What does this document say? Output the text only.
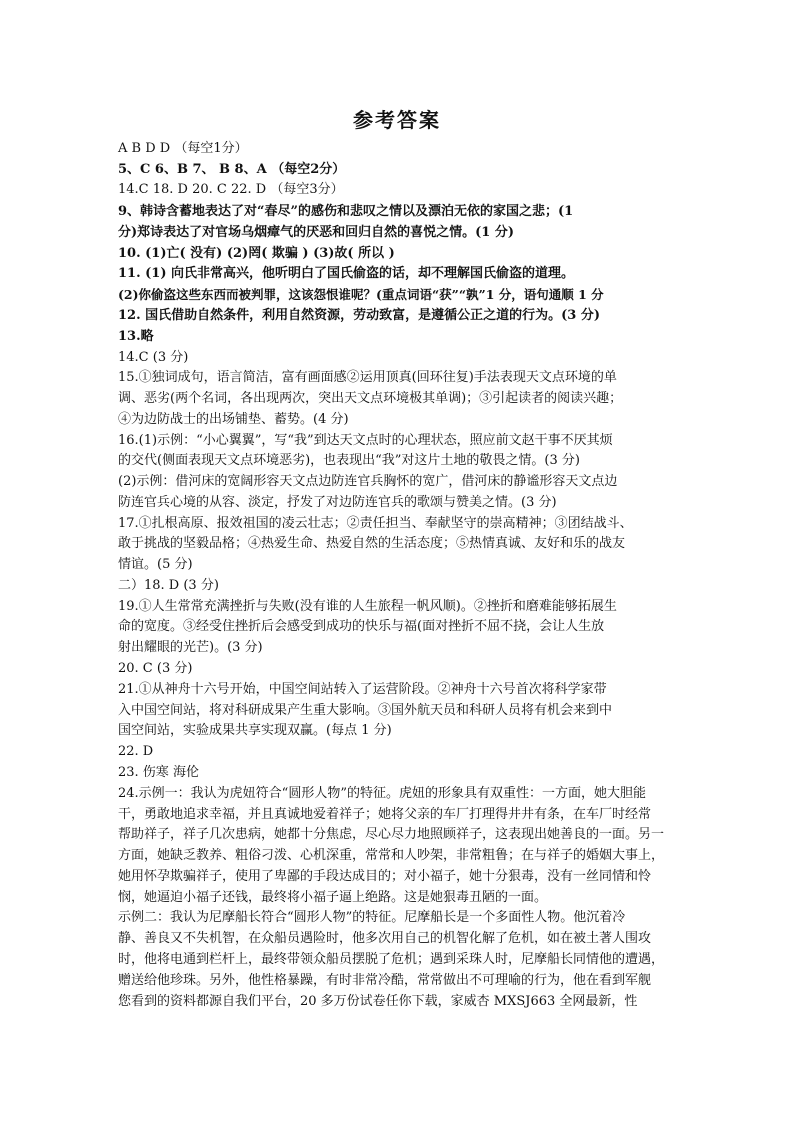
参考答案
A B D D （每空1分）
5、C 6、B 7、 B 8、A （每空2分）
14.C 18. D 20. C 22. D （每空3分）
9、韩诗含蓄地表达了对“春尽”的感伤和悲叹之情以及漂泊无依的家国之悲；(1
分)郑诗表达了对官场乌烟瘴气的厌恶和回归自然的喜悦之情。(1 分)
10. (1)亡( 没有) (2)罔( 欺骗 ) (3)故( 所以 )
11. (1) 向氏非常高兴，他听明白了国氏偷盗的话，却不理解国氏偷盗的道理。
(2)你偷盗这些东西而被判罪，这该怨恨谁呢？(重点词语“获”“孰”1 分，语句通顺 1 分
12. 国氏借助自然条件，利用自然资源，劳动致富，是遵循公正之道的行为。(3 分)
13.略
14.C (3 分)
15.①独词成句，语言简洁，富有画面感②运用顶真(回环往复)手法表现天文点环境的单
调、恶劣(两个名词，各出现两次，突出天文点环境极其单调)；③引起读者的阅读兴趣；
④为边防战士的出场铺垫、蓄势。(4 分)
16.(1)示例：“小心翼翼”，写“我”到达天文点时的心理状态，照应前文赵干事不厌其烦
的交代(侧面表现天文点环境恶劣)，也表现出“我”对这片土地的敬畏之情。(3 分)
(2)示例：借河床的宽阔形容天文点边防连官兵胸怀的宽广，借河床的静谧形容天文点边
防连官兵心境的从容、淡定，抒发了对边防连官兵的歌颂与赞美之情。(3 分)
17.①扎根高原、报效祖国的凌云壮志；②责任担当、奉献坚守的崇高精神；③团结战斗、
敢于挑战的坚毅品格；④热爱生命、热爱自然的生活态度；⑤热情真诚、友好和乐的战友
情谊。(5 分)
二）18. D (3 分)
19.①人生常常充满挫折与失败(没有谁的人生旅程一帆风顺)。②挫折和磨难能够拓展生
命的宽度。③经受住挫折后会感受到成功的快乐与福(面对挫折不屈不挠，会让人生放
射出耀眼的光芒)。(3 分)
20. C (3 分)
21.①从神舟十六号开始，中国空间站转入了运营阶段。②神舟十六号首次将科学家带
入中国空间站，将对科研成果产生重大影响。③国外航天员和科研人员将有机会来到中
国空间站，实验成果共享实现双赢。(每点 1 分)
22. D
23. 伤寒 海伦
24.示例一：我认为虎妞符合“圆形人物”的特征。虎妞的形象具有双重性：一方面，她大胆能
干，勇敢地追求幸福，并且真诚地爱着祥子；她将父亲的车厂打理得井井有条，在车厂时经常
帮助祥子，祥子几次患病，她都十分焦虑，尽心尽力地照顾祥子，这表现出她善良的一面。另一
方面，她缺乏教养、粗俗刁泼、心机深重，常常和人吵架，非常粗鲁；在与祥子的婚姻大事上，
她用怀孕欺骗祥子，使用了卑鄙的手段达成目的；对小福子，她十分狠毒，没有一丝同情和怜
悯，她逼迫小福子还钱，最终将小福子逼上绝路。这是她狠毒丑陋的一面。
示例二：我认为尼摩船长符合“圆形人物”的特征。尼摩船长是一个多面性人物。他沉着冷
静、善良又不失机智，在众船员遇险时，他多次用自己的机智化解了危机，如在被土著人围攻
时，他将电通到栏杆上，最终带领众船员摆脱了危机；遇到采珠人时，尼摩船长同情他的遭遇，
赠送给他珍珠。另外，他性格暴躁，有时非常冷酷，常常做出不可理喻的行为，他在看到军舰
您看到的资料都源自我们平台，20 多万份试卷任你下载，家威杏 MXSJ663 全网最新，性
